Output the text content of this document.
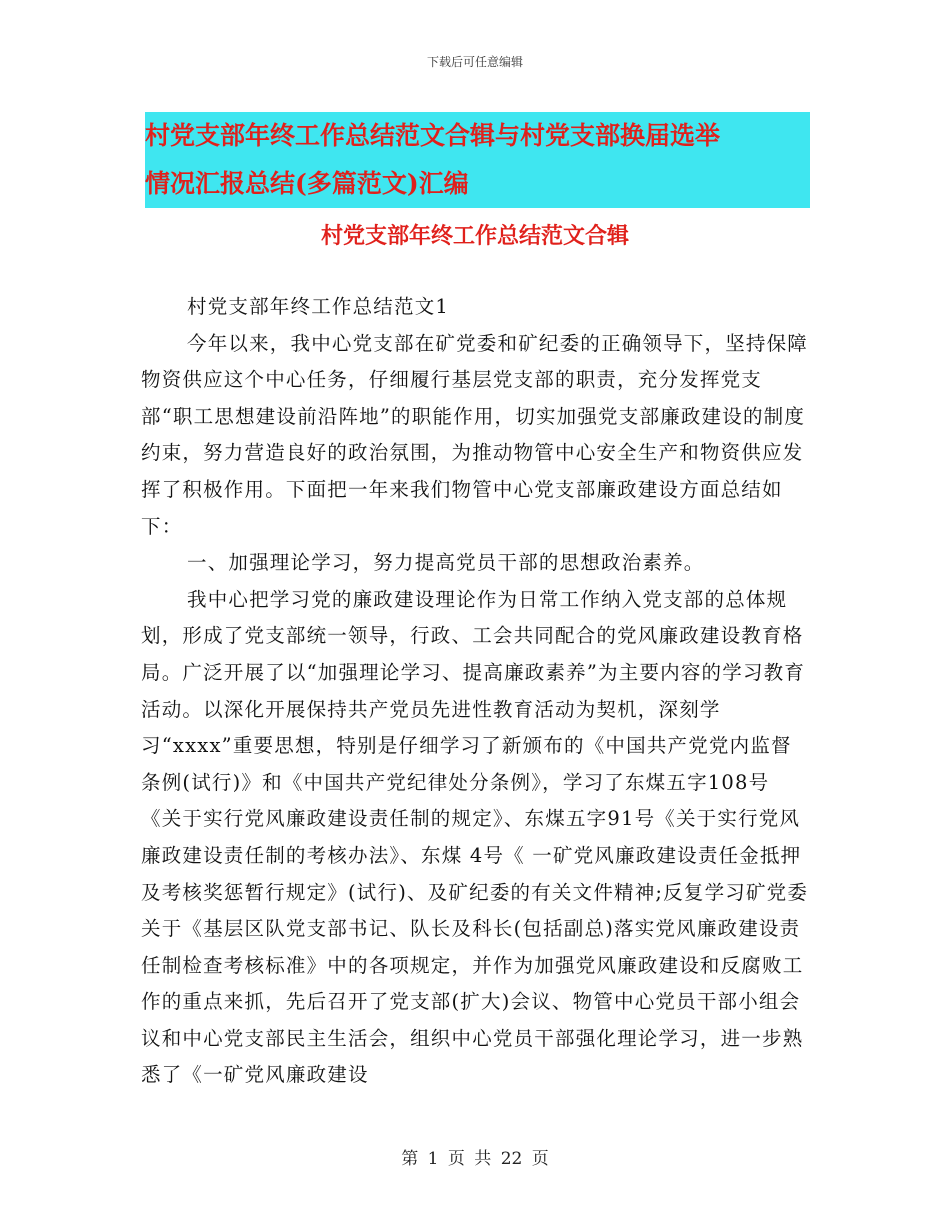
下载后可任意编辑
村党支部年终工作总结范文合辑与村党支部换届选举
情况汇报总结(多篇范文)汇编
村党支部年终工作总结范文合辑

村党支部年终工作总结范文1

今年以来，我中心党支部在矿党委和矿纪委的正确领导下，坚持保障物资供应这个中心任务，仔细履行基层党支部的职责，充分发挥党支部“职工思想建设前沿阵地”的职能作用，切实加强党支部廉政建设的制度约束，努力营造良好的政治氛围，为推动物管中心安全生产和物资供应发挥了积极作用。下面把一年来我们物管中心党支部廉政建设方面总结如下：

一、加强理论学习，努力提高党员干部的思想政治素养。

我中心把学习党的廉政建设理论作为日常工作纳入党支部的总体规划，形成了党支部统一领导，行政、工会共同配合的党风廉政建设教育格局。广泛开展了以“加强理论学习、提高廉政素养”为主要内容的学习教育活动。以深化开展保持共产党员先进性教育活动为契机，深刻学习“xxxx”重要思想，特别是仔细学习了新颁布的《中国共产党党内监督条例(试行)》和《中国共产党纪律处分条例》，学习了东煤五字108号《关于实行党风廉政建设责任制的规定》、东煤五字91号《关于实行党风廉政建设责任制的考核办法》、东煤 4号《 一矿党风廉政建设责任金抵押及考核奖惩暂行规定》(试行)、及矿纪委的有关文件精神;反复学习矿党委关于《基层区队党支部书记、队长及科长(包括副总)落实党风廉政建设责任制检查考核标准》中的各项规定，并作为加强党风廉政建设和反腐败工作的重点来抓，先后召开了党支部(扩大)会议、物管中心党员干部小组会议和中心党支部民主生活会，组织中心党员干部强化理论学习，进一步熟悉了《一矿党风廉政建设

第 1 页 共 22 页
